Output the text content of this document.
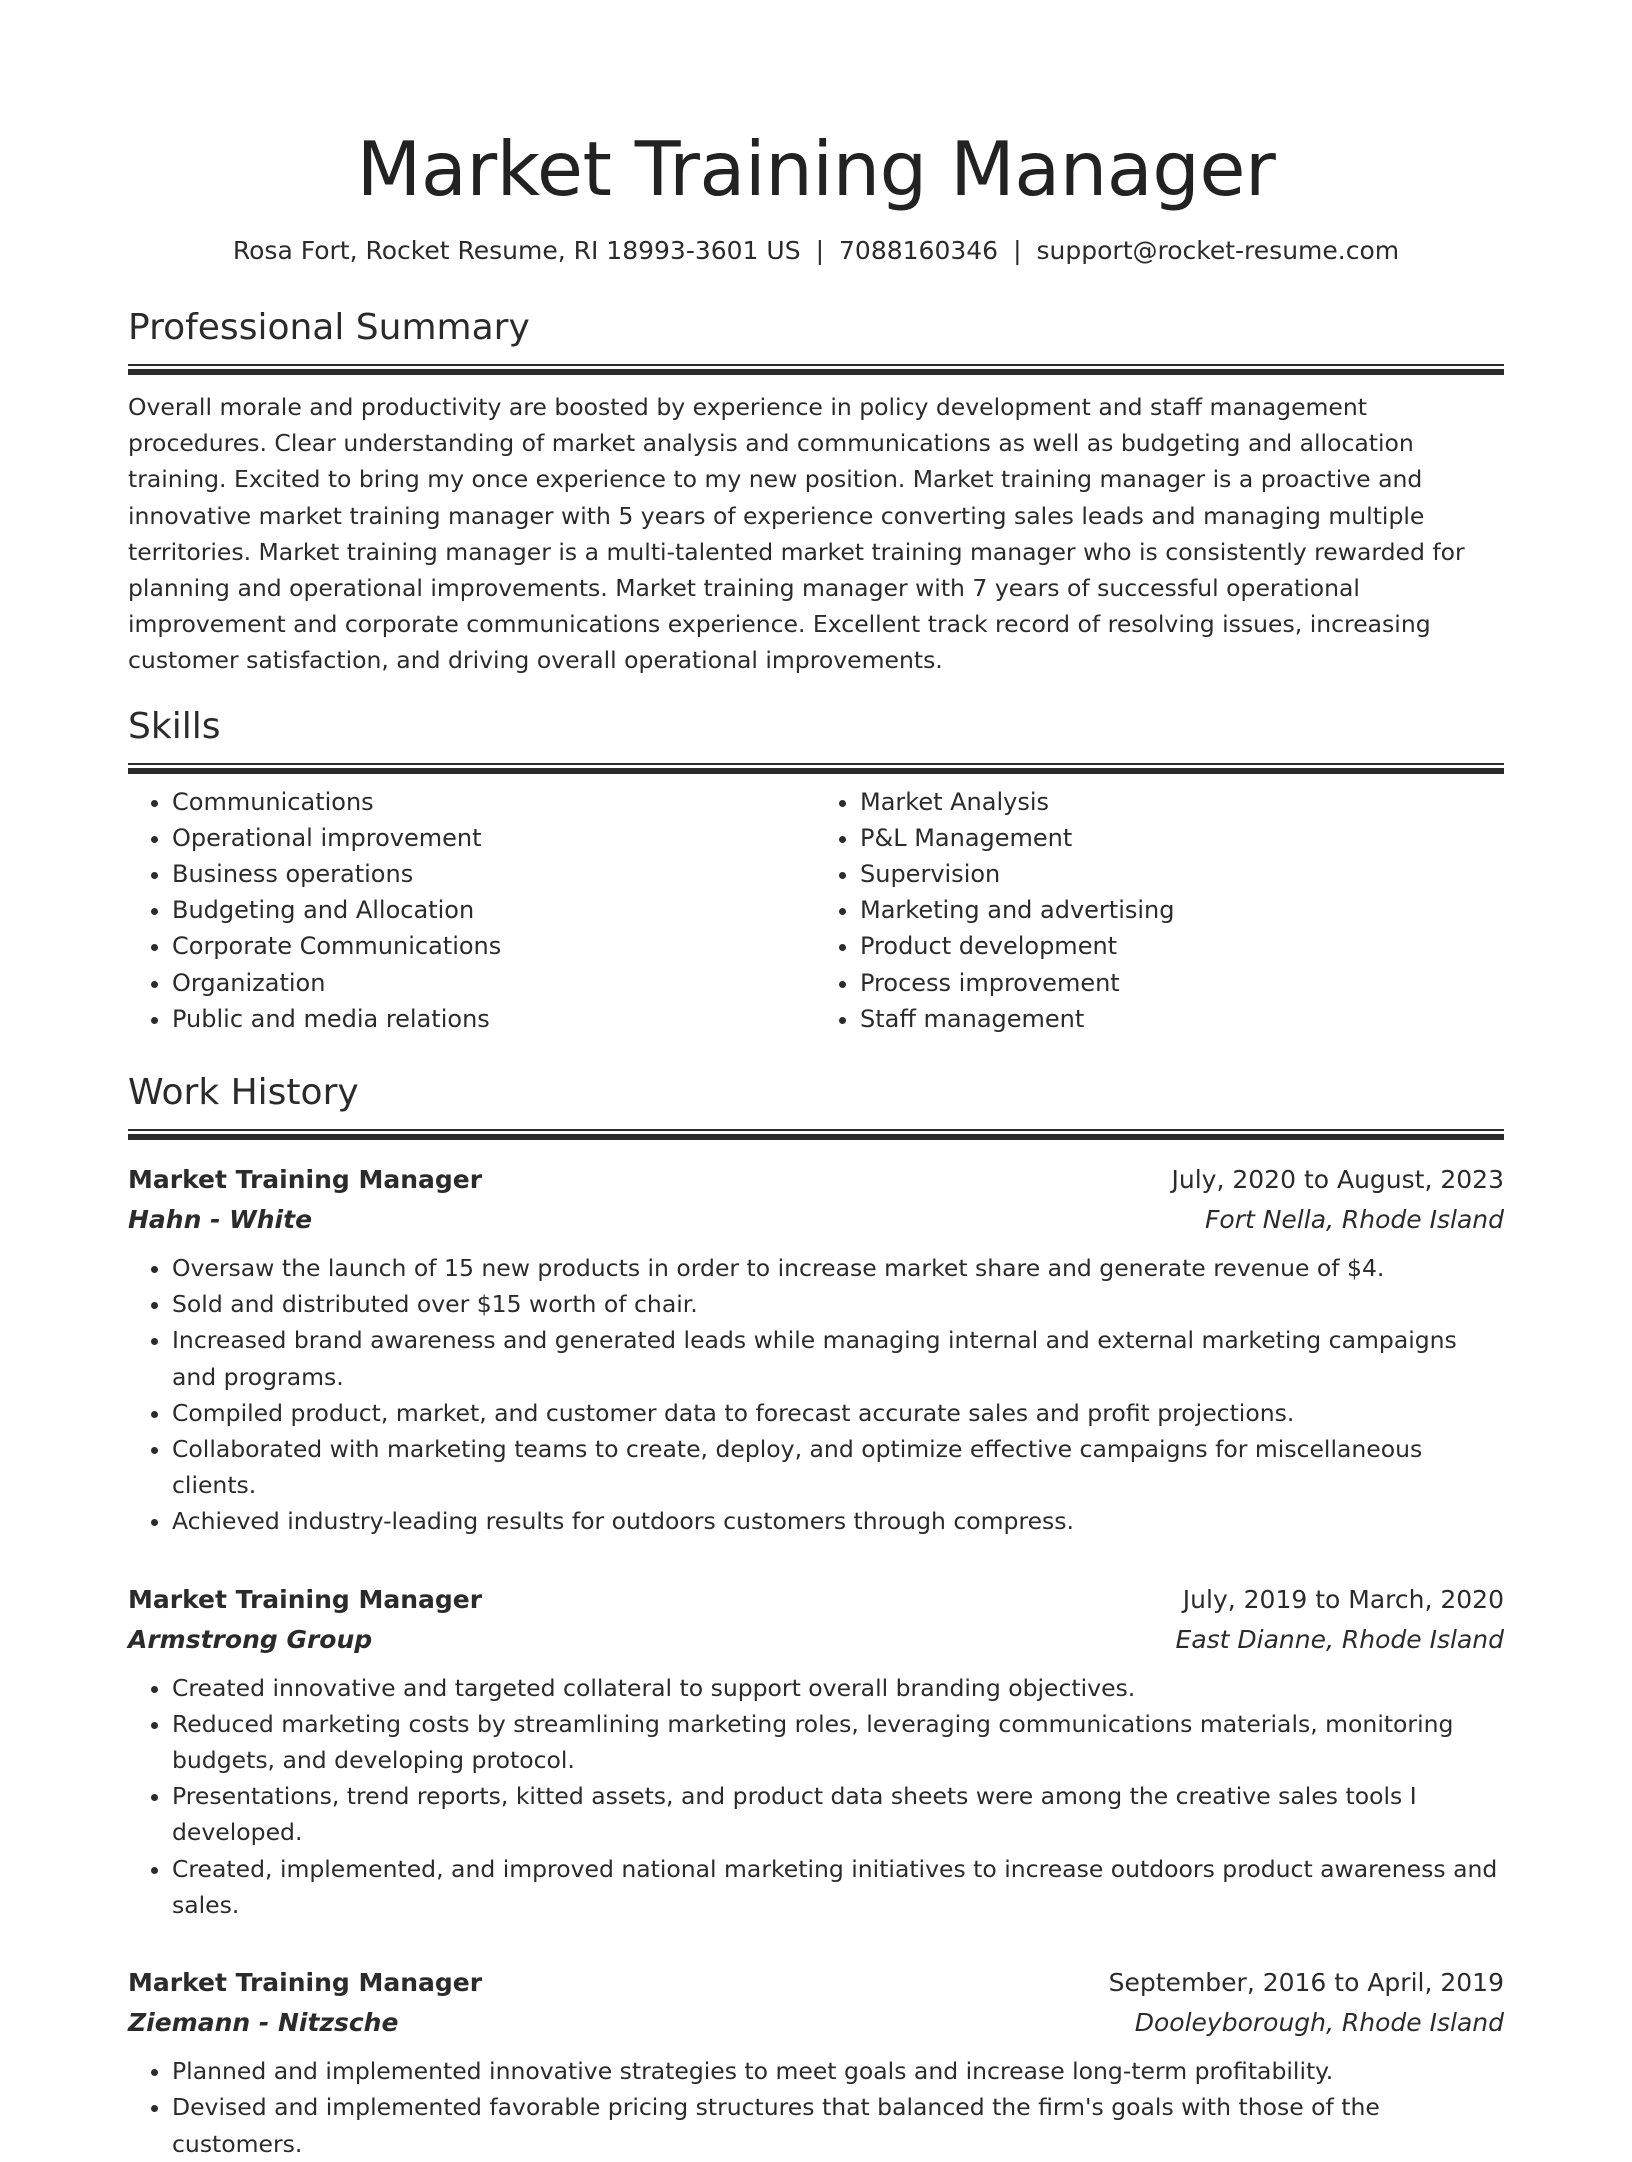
Market Training Manager
Rosa Fort, Rocket Resume, RI 18993-3601 US | 7088160346 | support@rocket-resume.com
Professional Summary

Overall morale and productivity are boosted by experience in policy development and staff management procedures. Clear understanding of market analysis and communications as well as budgeting and allocation training. Excited to bring my once experience to my new position. Market training manager is a proactive and innovative market training manager with 5 years of experience converting sales leads and managing multiple territories. Market training manager is a multi-talented market training manager who is consistently rewarded for planning and operational improvements. Market training manager with 7 years of successful operational improvement and corporate communications experience. Excellent track record of resolving issues, increasing customer satisfaction, and driving overall operational improvements.

Skills
• Communications
• Operational improvement
• Business operations
• Budgeting and Allocation
• Corporate Communications
• Organization
• Public and media relations
• Market Analysis
• P&L Management
• Supervision
• Marketing and advertising
• Product development
• Process improvement
• Staff management
Work History
Market Training Manager	July, 2020 to August, 2023
Hahn - White	Fort Nella, Rhode Island
• Oversaw the launch of 15 new products in order to increase market share and generate revenue of $4.
• Sold and distributed over $15 worth of chair.
• Increased brand awareness and generated leads while managing internal and external marketing campaigns and programs.
• Compiled product, market, and customer data to forecast accurate sales and profit projections.
• Collaborated with marketing teams to create, deploy, and optimize effective campaigns for miscellaneous clients.
• Achieved industry-leading results for outdoors customers through compress.
Market Training Manager	July, 2019 to March, 2020
Armstrong Group	East Dianne, Rhode Island
• Created innovative and targeted collateral to support overall branding objectives.
• Reduced marketing costs by streamlining marketing roles, leveraging communications materials, monitoring budgets, and developing protocol.
• Presentations, trend reports, kitted assets, and product data sheets were among the creative sales tools I developed.
• Created, implemented, and improved national marketing initiatives to increase outdoors product awareness and sales.
Market Training Manager	September, 2016 to April, 2019
Ziemann - Nitzsche	Dooleyborough, Rhode Island
• Planned and implemented innovative strategies to meet goals and increase long-term profitability.
• Devised and implemented favorable pricing structures that balanced the firm's goals with those of the customers.
